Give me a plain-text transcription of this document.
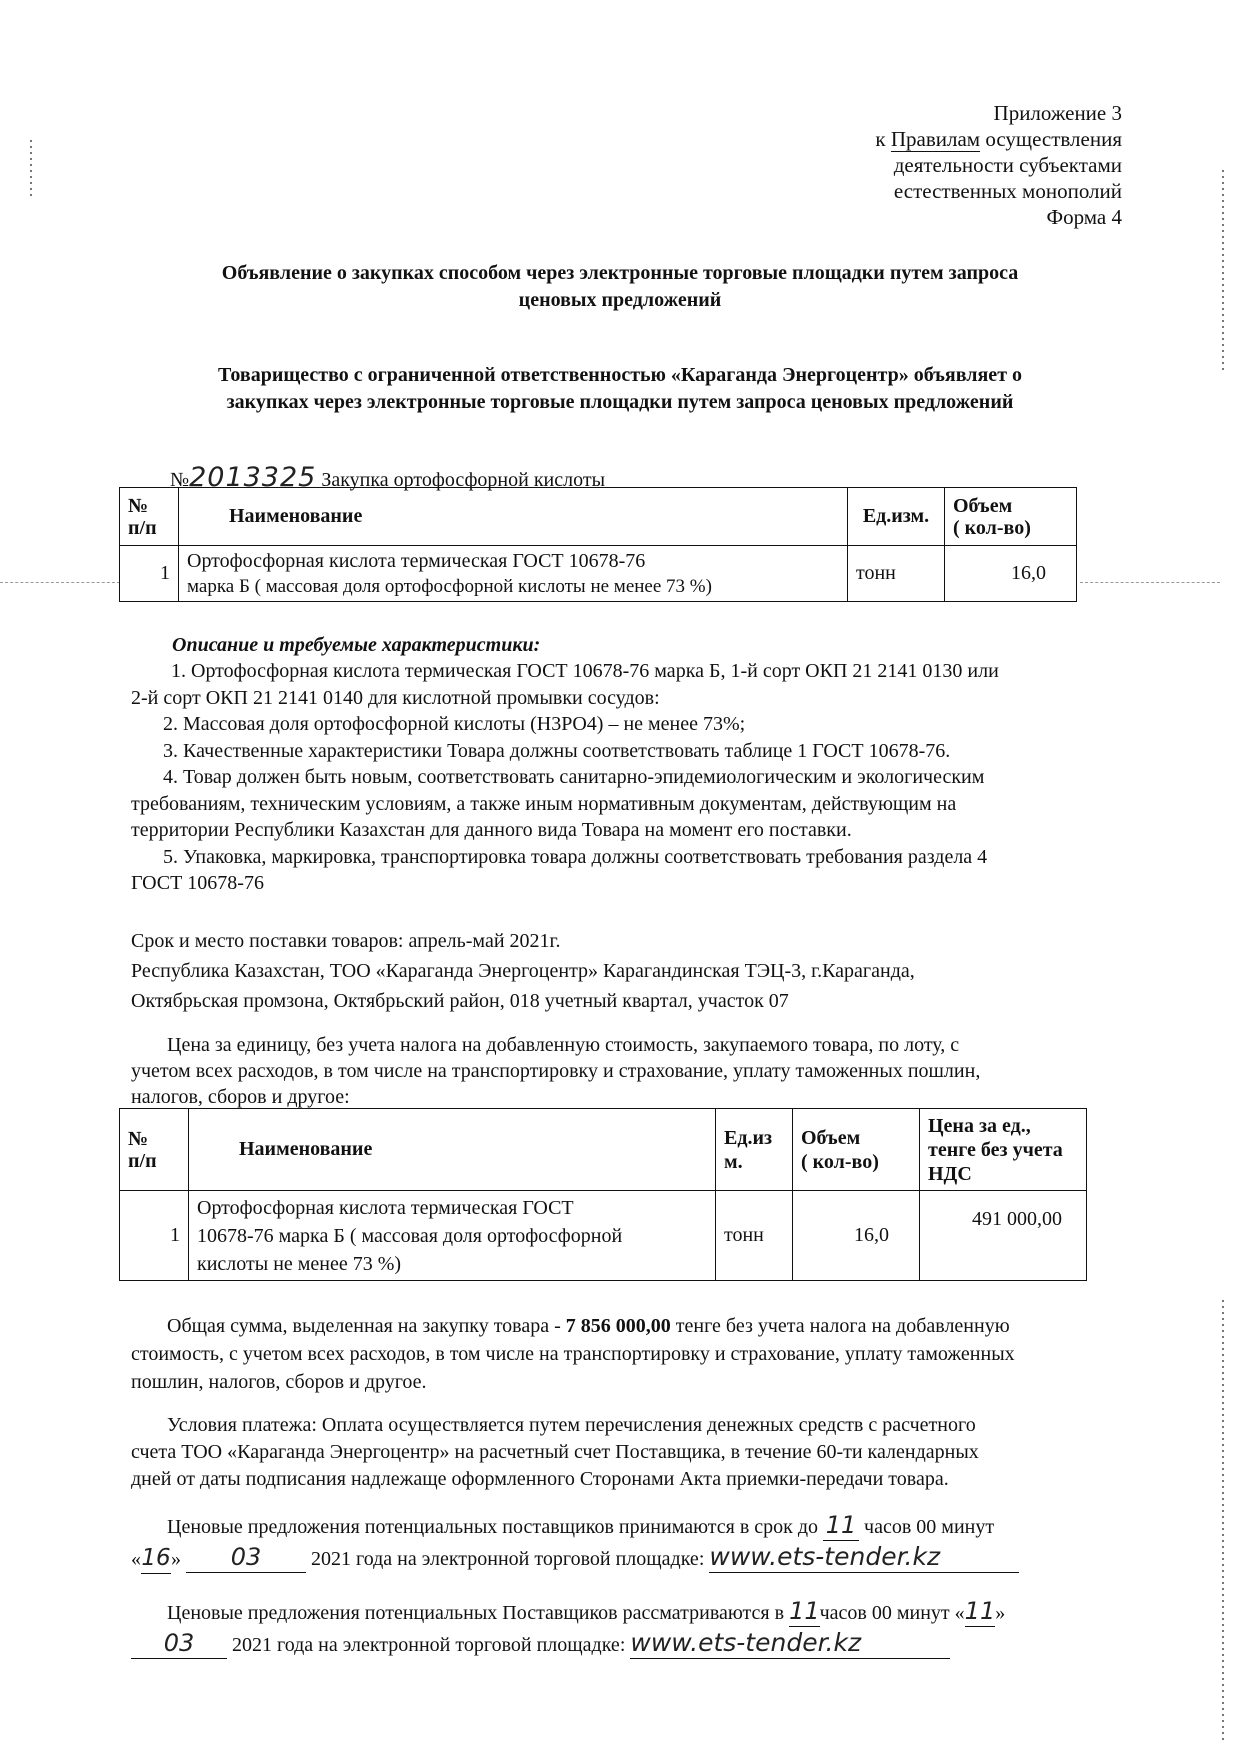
Приложение 3
к Правилам осуществления
деятельности субъектами
естественных монополий
Форма 4
Объявление о закупках способом через электронные торговые площадки путем запроса
ценовых предложений
Товарищество с ограниченной ответственностью «Караганда Энергоцентр» объявляет о
закупках через электронные торговые площадки путем запроса ценовых предложений
№2013325 Закупка ортофосфорной кислоты
№
п/п	Наименование	Ед.изм.	Объем
( кол-во)
1	Ортофосфорная кислота термическая ГОСТ 10678-76
марка Б ( массовая доля ортофосфорной кислоты не менее 73 %)	тонн	16,0
Описание и требуемые характеристики:
1. Ортофосфорная кислота термическая ГОСТ 10678-76 марка Б, 1-й сорт ОКП 21 2141 0130 или
2-й сорт ОКП 21 2141 0140 для кислотной промывки сосудов:
2. Массовая доля ортофосфорной кислоты (H3PO4) – не менее 73%;
3. Качественные характеристики Товара должны соответствовать таблице 1 ГОСТ 10678-76.
4. Товар должен быть новым, соответствовать санитарно-эпидемиологическим и экологическим
требованиям, техническим условиям, а также иным нормативным документам, действующим на
территории Республики Казахстан для данного вида Товара на момент его поставки.
5. Упаковка, маркировка, транспортировка товара должны соответствовать требования раздела 4
ГОСТ 10678-76
Срок и место поставки товаров: апрель-май 2021г.
Республика Казахстан, ТОО «Караганда Энергоцентр» Карагандинская ТЭЦ-3, г.Караганда,
Октябрьская промзона, Октябрьский район, 018 учетный квартал, участок 07
Цена за единицу, без учета налога на добавленную стоимость, закупаемого товара, по лоту, с
учетом всех расходов, в том числе на транспортировку и страхование, уплату таможенных пошлин,
налогов, сборов и другое:
№
п/п	Наименование	Ед.из
м.	Объем
( кол-во)	Цена за ед.,
тенге без учета
НДС
1	Ортофосфорная кислота термическая ГОСТ
10678-76 марка Б ( массовая доля ортофосфорной
кислоты не менее 73 %)	тонн	16,0	491 000,00
Общая сумма, выделенная на закупку товара - 7 856 000,00 тенге без учета налога на добавленную
стоимость, с учетом всех расходов, в том числе на транспортировку и страхование, уплату таможенных
пошлин, налогов, сборов и другое.
Условия платежа: Оплата осуществляется путем перечисления денежных средств с расчетного
счета ТОО «Караганда Энергоцентр» на расчетный счет Поставщика, в течение 60-ти календарных
дней от даты подписания надлежаще оформленного Сторонами Акта приемки-передачи товара.
Ценовые предложения потенциальных поставщиков принимаются в срок до 11 часов 00 минут
«16» 03 2021 года на электронной торговой площадке: www.ets-tender.kz
Ценовые предложения потенциальных Поставщиков рассматриваются в 11часов 00 минут «11»
03 2021 года на электронной торговой площадке: www.ets-tender.kz
